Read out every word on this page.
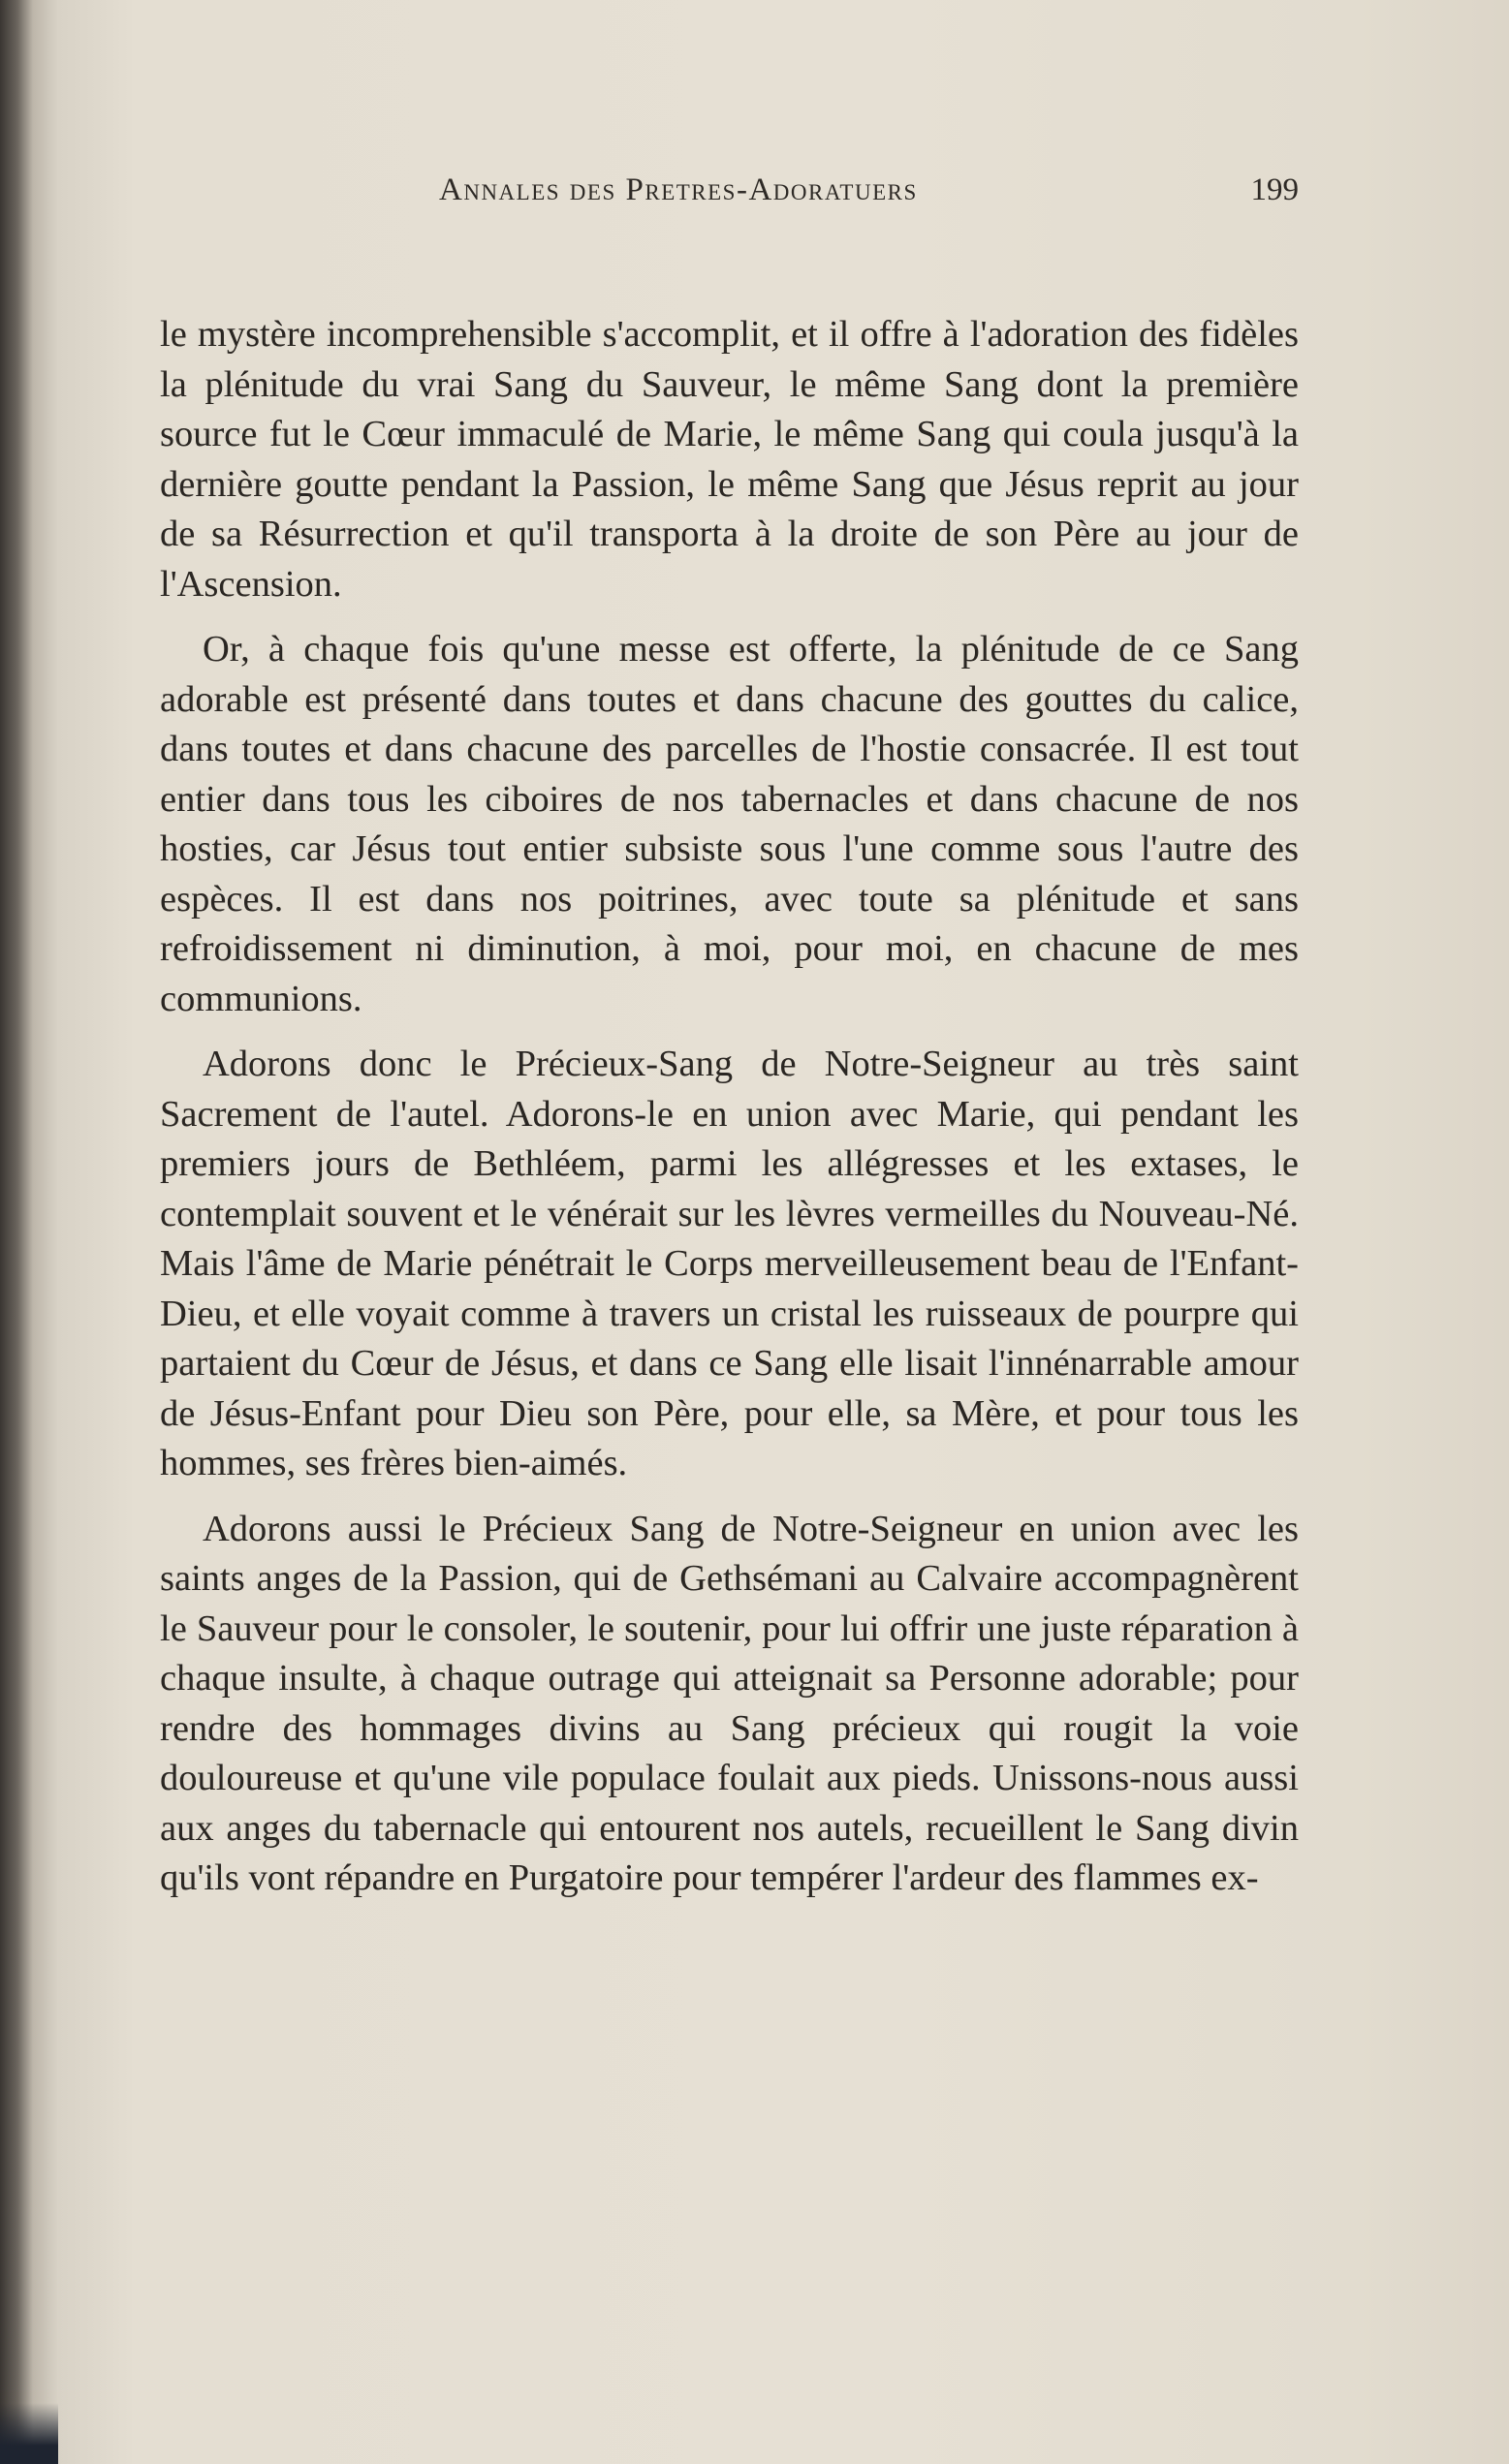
Annales des Pretres-Adoratuers	199

le mystère incomprehensible s'accomplit, et il offre à l'adoration des fidèles la plénitude du vrai Sang du Sauveur, le même Sang dont la première source fut le Cœur immaculé de Marie, le même Sang qui coula jusqu'à la dernière goutte pendant la Passion, le même Sang que Jésus reprit au jour de sa Résurrection et qu'il transporta à la droite de son Père au jour de l'Ascension.

Or, à chaque fois qu'une messe est offerte, la plénitude de ce Sang adorable est présenté dans toutes et dans chacune des gouttes du calice, dans toutes et dans chacune des parcelles de l'hostie consacrée. Il est tout entier dans tous les ciboires de nos tabernacles et dans chacune de nos hosties, car Jésus tout entier subsiste sous l'une comme sous l'autre des espèces. Il est dans nos poitrines, avec toute sa plénitude et sans refroidissement ni diminution, à moi, pour moi, en chacune de mes communions.

Adorons donc le Précieux-Sang de Notre-Seigneur au très saint Sacrement de l'autel. Adorons-le en union avec Marie, qui pendant les premiers jours de Bethléem, parmi les allégresses et les extases, le contemplait souvent et le vénérait sur les lèvres vermeilles du Nouveau-Né. Mais l'âme de Marie pénétrait le Corps merveilleusement beau de l'Enfant-Dieu, et elle voyait comme à travers un cristal les ruisseaux de pourpre qui partaient du Cœur de Jésus, et dans ce Sang elle lisait l'innénarrable amour de Jésus-Enfant pour Dieu son Père, pour elle, sa Mère, et pour tous les hommes, ses frères bien-aimés.

Adorons aussi le Précieux Sang de Notre-Seigneur en union avec les saints anges de la Passion, qui de Gethsémani au Calvaire accompagnèrent le Sauveur pour le consoler, le soutenir, pour lui offrir une juste réparation à chaque insulte, à chaque outrage qui atteignait sa Personne adorable; pour rendre des hommages divins au Sang précieux qui rougit la voie douloureuse et qu'une vile populace foulait aux pieds. Unissons-nous aussi aux anges du tabernacle qui entourent nos autels, recueillent le Sang divin qu'ils vont répandre en Purgatoire pour tempérer l'ardeur des flammes ex-
